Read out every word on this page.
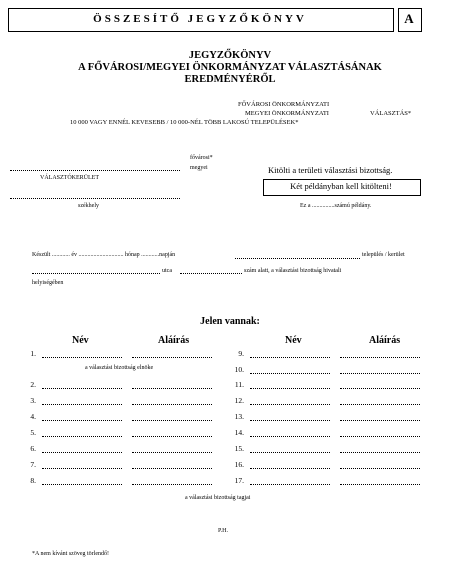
ÖSSZESÍTŐ JEGYZŐKÖNYV	A
JEGYZŐKÖNYV
A FŐVÁROSI/MEGYEI ÖNKORMÁNYZAT VÁLASZTÁSÁNAK
EREDMÉNYÉRŐL
FŐVÁROSI ÖNKORMÁNYZATI
MEGYEI ÖNKORMÁNYZATI	VÁLASZTÁS*
10 000 VAGY ENNÉL KEVESEBB / 10 000-NÉL TÖBB LAKOSÚ TELEPÜLÉSEK*
fővárosi*
megyei
VÁLASZTÓKERÜLET
Kitölti a területi választási bizottság.
Két példányban kell kitölteni!
székhely	Ez a ...............számú példány.
Készült ............ év .............................. hónap ............napján	település / kerület
utca	szám alatt, a választási bizottság hivatali
helyiségében
Jelen vannak:
Név	Aláírás	Név	Aláírás
1.
2.
3.
4.
5.
6.
7.
8.
9.
10.
11.
12.
13.
14.
15.
16.
17.
a választási bizottság elnöke
a választási bizottság tagjai
P.H.
*A nem kívánt szöveg törlendő!
